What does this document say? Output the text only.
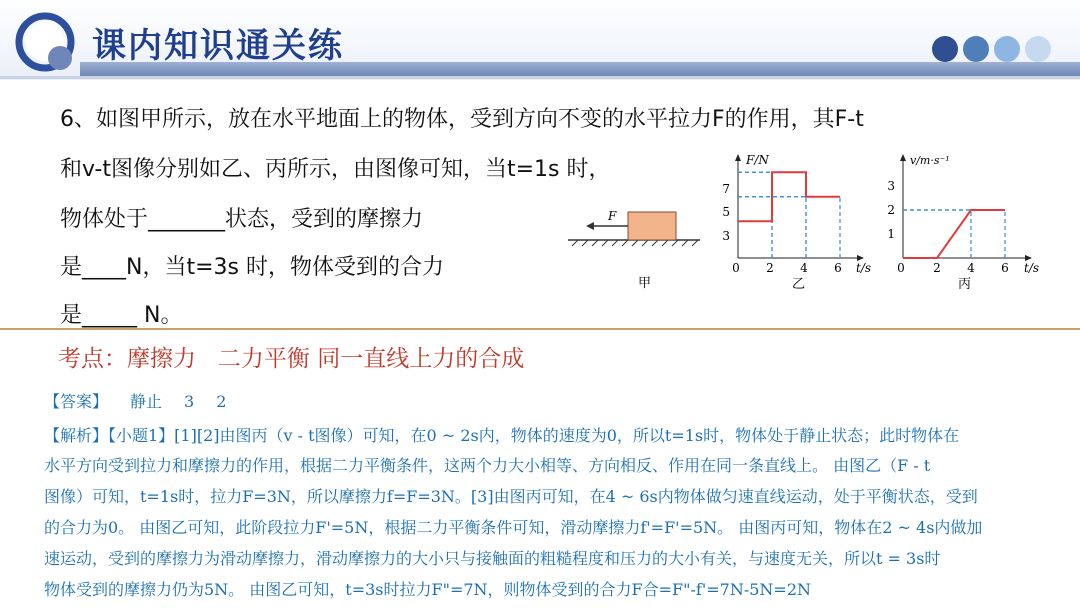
课内知识通关练
6、如图甲所示，放在水平地面上的物体，受到方向不变的水平拉力F的作用，其F-t
和v-t图像分别如乙、丙所示，由图像可知，当t=1s 时，
物体处于_______状态，受到的摩擦力
是____N，当t=3s 时，物体受到的合力
是_____ N。
F
甲
F/N
t/s
0 2 4 6
3
5
7
乙
v/m·s⁻¹
t/s
0 2 4 6
1
2
3
丙
考点：摩擦力   二力平衡 同一直线上力的合成
【答案】 静止 3 2
【解析】【小题1】[1][2]由图丙（v - t图像）可知，在0 ~ 2s内，物体的速度为0，所以t=1s时，物体处于静止状态；此时物体在
水平方向受到拉力和摩擦力的作用，根据二力平衡条件，这两个力大小相等、方向相反、作用在同一条直线上。 由图乙（F - t
图像）可知，t=1s时，拉力F=3N，所以摩擦力f=F=3N。[3]由图丙可知，在4 ~ 6s内物体做匀速直线运动，处于平衡状态，受到
的合力为0。 由图乙可知，此阶段拉力F'=5N，根据二力平衡条件可知，滑动摩擦力f'=F'=5N。 由图丙可知，物体在2 ~ 4s内做加
速运动，受到的摩擦力为滑动摩擦力，滑动摩擦力的大小只与接触面的粗糙程度和压力的大小有关，与速度无关，所以t = 3s时
物体受到的摩擦力仍为5N。 由图乙可知，t=3s时拉力F"=7N，则物体受到的合力F合=F"-f'=7N-5N=2N
